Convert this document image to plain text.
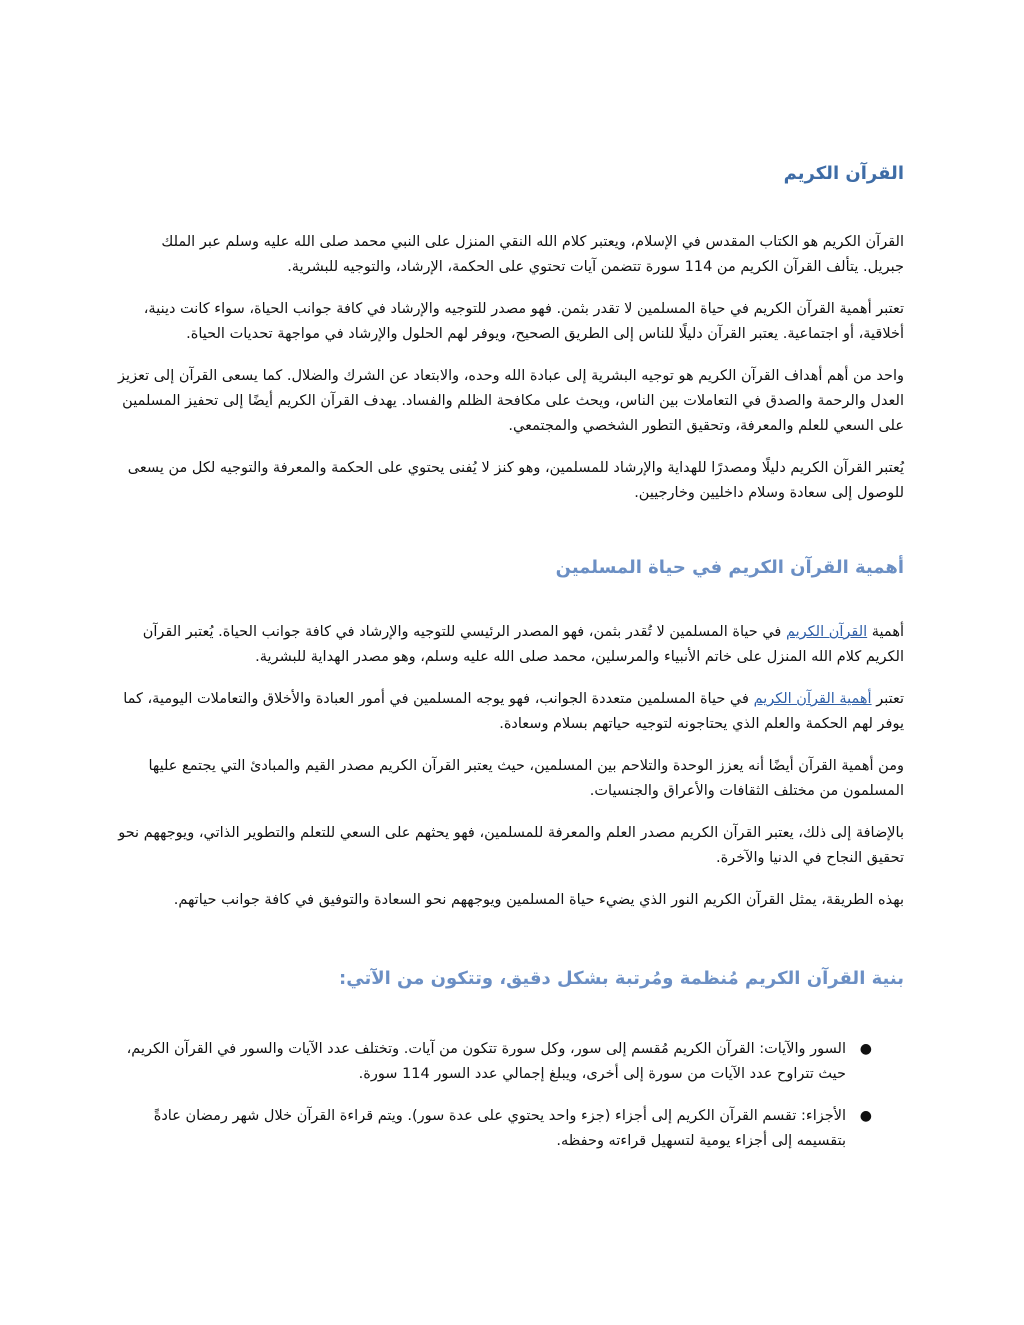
القرآن الكريم

القرآن الكريم هو الكتاب المقدس في الإسلام، ويعتبر كلام الله النقي المنزل على النبي محمد صلى الله عليه وسلم عبر الملك جبريل. يتألف القرآن الكريم من 114 سورة تتضمن آيات تحتوي على الحكمة، الإرشاد، والتوجيه للبشرية.

تعتبر أهمية القرآن الكريم في حياة المسلمين لا تقدر بثمن. فهو مصدر للتوجيه والإرشاد في كافة جوانب الحياة، سواء كانت دينية، أخلاقية، أو اجتماعية. يعتبر القرآن دليلًا للناس إلى الطريق الصحيح، ويوفر لهم الحلول والإرشاد في مواجهة تحديات الحياة.

واحد من أهم أهداف القرآن الكريم هو توجيه البشرية إلى عبادة الله وحده، والابتعاد عن الشرك والضلال. كما يسعى القرآن إلى تعزيز العدل والرحمة والصدق في التعاملات بين الناس، ويحث على مكافحة الظلم والفساد. يهدف القرآن الكريم أيضًا إلى تحفيز المسلمين على السعي للعلم والمعرفة، وتحقيق التطور الشخصي والمجتمعي.

يُعتبر القرآن الكريم دليلًا ومصدرًا للهداية والإرشاد للمسلمين، وهو كنز لا يُفنى يحتوي على الحكمة والمعرفة والتوجيه لكل من يسعى للوصول إلى سعادة وسلام داخليين وخارجيين.

أهمية القرآن الكريم في حياة المسلمين

أهمية القرآن الكريم في حياة المسلمين لا تُقدر بثمن، فهو المصدر الرئيسي للتوجيه والإرشاد في كافة جوانب الحياة. يُعتبر القرآن الكريم كلام الله المنزل على خاتم الأنبياء والمرسلين، محمد صلى الله عليه وسلم، وهو مصدر الهداية للبشرية.

تعتبر أهمية القرآن الكريم في حياة المسلمين متعددة الجوانب، فهو يوجه المسلمين في أمور العبادة والأخلاق والتعاملات اليومية، كما يوفر لهم الحكمة والعلم الذي يحتاجونه لتوجيه حياتهم بسلام وسعادة.

ومن أهمية القرآن أيضًا أنه يعزز الوحدة والتلاحم بين المسلمين، حيث يعتبر القرآن الكريم مصدر القيم والمبادئ التي يجتمع عليها المسلمون من مختلف الثقافات والأعراق والجنسيات.

بالإضافة إلى ذلك، يعتبر القرآن الكريم مصدر العلم والمعرفة للمسلمين، فهو يحثهم على السعي للتعلم والتطوير الذاتي، ويوجههم نحو تحقيق النجاح في الدنيا والآخرة.

بهذه الطريقة، يمثل القرآن الكريم النور الذي يضيء حياة المسلمين ويوجههم نحو السعادة والتوفيق في كافة جوانب حياتهم.

بنية القرآن الكريم مُنظمة ومُرتبة بشكل دقيق، وتتكون من الآتي:
●
السور والآيات: القرآن الكريم مُقسم إلى سور، وكل سورة تتكون من آيات. وتختلف عدد الآيات والسور في القرآن الكريم، حيث تتراوح عدد الآيات من سورة إلى أخرى، ويبلغ إجمالي عدد السور 114 سورة.
●
الأجزاء: تقسم القرآن الكريم إلى أجزاء (جزء واحد يحتوي على عدة سور). ويتم قراءة القرآن خلال شهر رمضان عادةً بتقسيمه إلى أجزاء يومية لتسهيل قراءته وحفظه.
